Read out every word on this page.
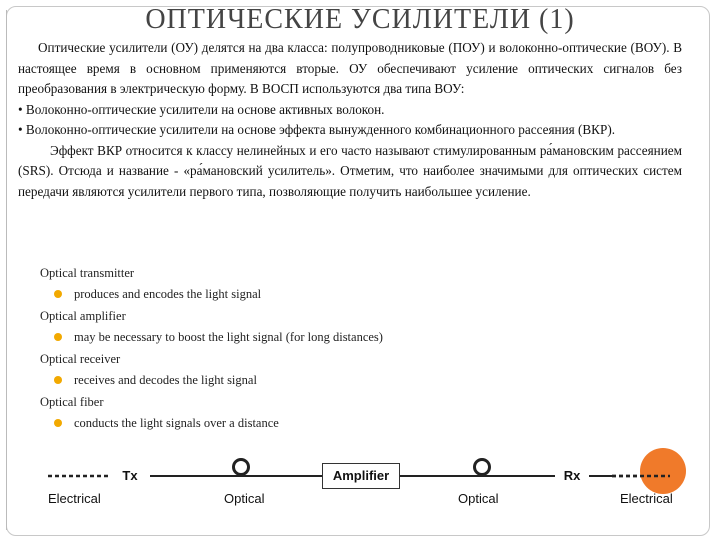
ОПТИЧЕСКИЕ УСИЛИТЕЛИ (1)

Оптические усилители (ОУ) делятся на два класса: полупроводниковые (ПОУ) и волоконно-оптические (ВОУ). В настоящее время в основном применяются вторые. ОУ обеспечивают усиление оптических сигналов без преобразования в электрическую форму. В ВОСП используются два типа ВОУ:

• Волоконно-оптические усилители на основе активных волокон.

• Волоконно-оптические усилители на основе эффекта вынужденного комбинационного рассеяния (ВКР).

Эффект ВКР относится к классу нелинейных и его часто называют стимулированным ра́мановским рассеянием (SRS). Отсюда и название - «ра́мановский усилитель». Отметим, что наиболее значимыми для оптических систем передачи являются усилители первого типа, позволяющие получить наибольшее усиление.

Optical transmitter
produces and encodes the light signal
Optical amplifier
may be necessary to boost the light signal (for long distances)
Optical receiver
receives and decodes the light signal
Optical fiber
conducts the light signals over a distance
Tx	Amplifier	Rx
Electrical	Optical	Optical	Electrical
